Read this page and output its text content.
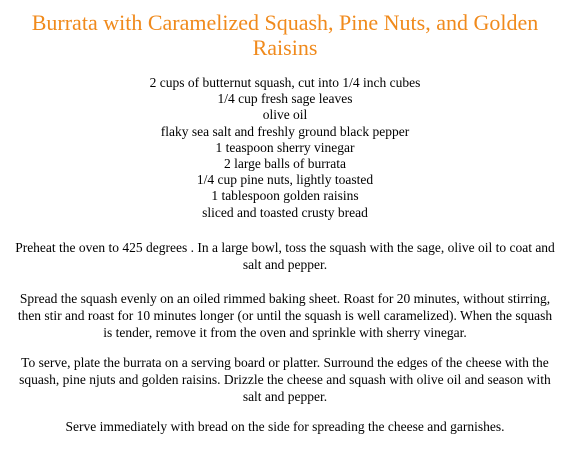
Burrata with Caramelized Squash, Pine Nuts, and Golden Raisins
2 cups of butternut squash, cut into 1/4 inch cubes
1/4 cup fresh sage leaves
olive oil
flaky sea salt and freshly ground black pepper
1 teaspoon sherry vinegar
2 large balls of burrata
1/4 cup pine nuts, lightly toasted
1 tablespoon golden raisins
sliced and toasted crusty bread

Preheat the oven to 425 degrees . In a large bowl, toss the squash with the sage, olive oil to coat and salt and pepper.

Spread the squash evenly on an oiled rimmed baking sheet. Roast for 20 minutes, without stirring, then stir and roast for 10 minutes longer (or until the squash is well caramelized). When the squash is tender, remove it from the oven and sprinkle with sherry vinegar.

To serve, plate the burrata on a serving board or platter. Surround the edges of the cheese with the squash, pine njuts and golden raisins. Drizzle the cheese and squash with olive oil and season with salt and pepper.

Serve immediately with bread on the side for spreading the cheese and garnishes.
